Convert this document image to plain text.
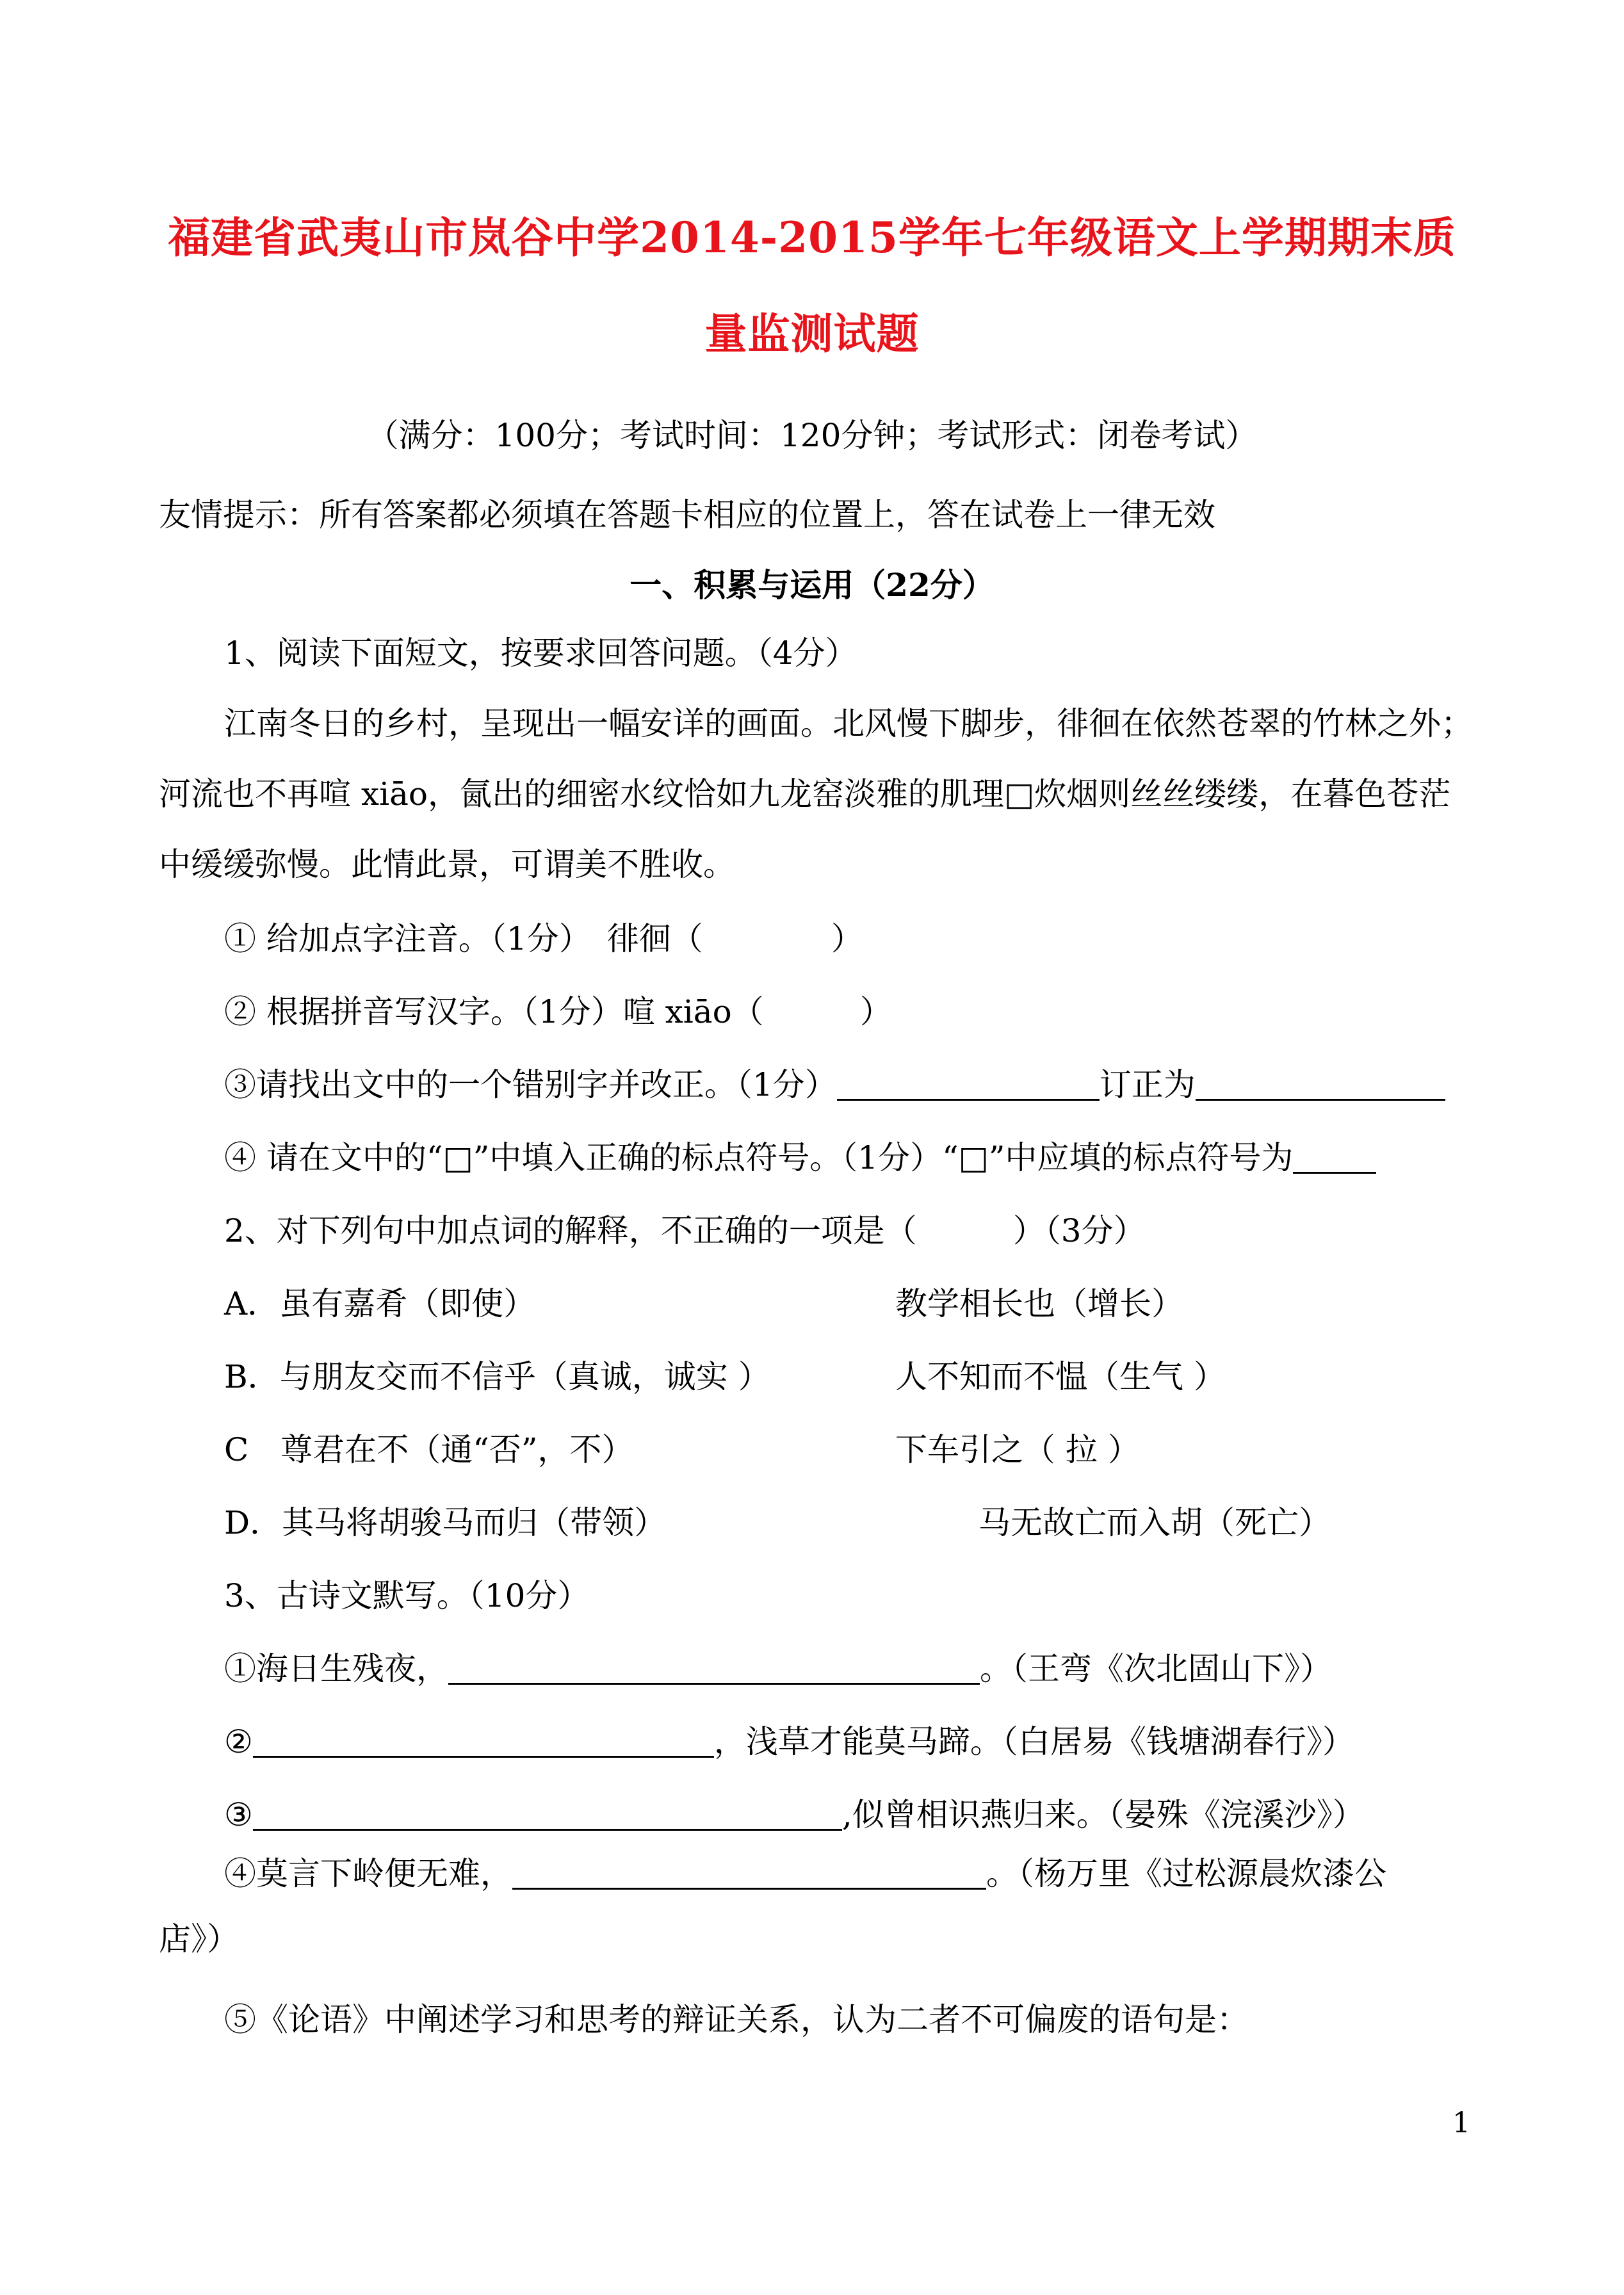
福建省武夷山市岚谷中学2014-2015学年七年级语文上学期期末质
量监测试题
（满分：100分；考试时间：120分钟；考试形式：闭卷考试）
友情提示：所有答案都必须填在答题卡相应的位置上，答在试卷上一律无效
一、积累与运用（22分）
1、阅读下面短文，按要求回答问题。（4分）
江南冬日的乡村，呈现出一幅安详的画面。北风慢下脚步，徘徊在依然苍翠的竹林之外；
河流也不再喧 xiāo，氤出的细密水纹恰如九龙窑淡雅的肌理□炊烟则丝丝缕缕，在暮色苍茫
中缓缓弥慢。此情此景，可谓美不胜收。
① 给加点字注音。（1分）　徘徊（　　　　）
② 根据拼音写汉字。（1分）喧 xiāo（　　　）
③请找出文中的一个错别字并改正。（1分）	订正为
④ 请在文中的“□”中填入正确的标点符号。（1分）“□”中应填的标点符号为
2、对下列句中加点词的解释，不正确的一项是（　　　）（3分）
A．虽有嘉肴（即使）	教学相长也（增长）
B．与朋友交而不信乎（真诚，诚实 ）	人不知而不愠（生气 ）
C　尊君在不（通“否”，不）	下车引之（ 拉 ）
D．其马将胡骏马而归（带领）	马无故亡而入胡（死亡）
3、古诗文默写。（10分）
①海日生残夜，	。（王弯《次北固山下》）
②	，浅草才能莫马蹄。（白居易《钱塘湖春行》）
③	,似曾相识燕归来。（晏殊《浣溪沙》）
④莫言下岭便无难，	。（杨万里《过松源晨炊漆公
店》）
⑤《论语》中阐述学习和思考的辩证关系，认为二者不可偏废的语句是：
1
